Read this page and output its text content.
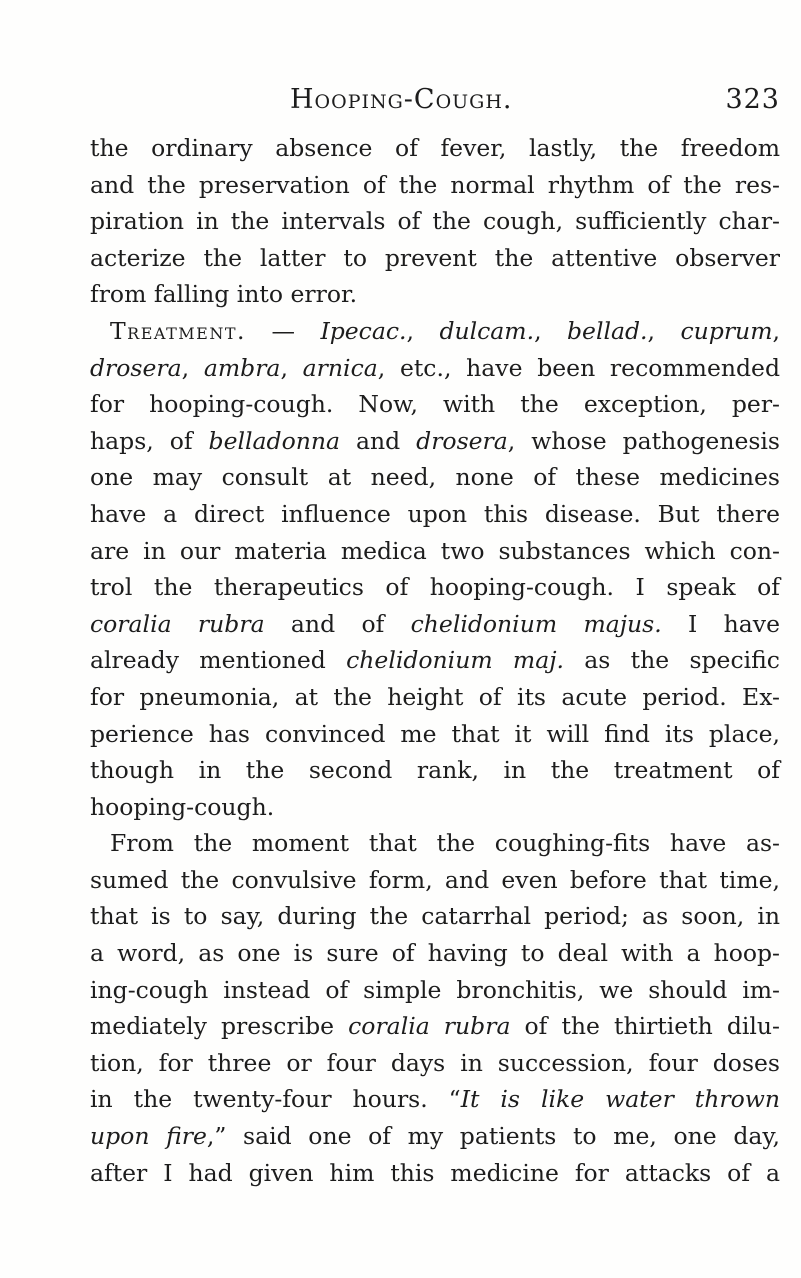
Hooping-Cough.	323
the ordinary absence of fever, lastly, the freedom
and the preservation of the normal rhythm of the res-
piration in the intervals of the cough, sufficiently char-
acterize the latter to prevent the attentive observer
from falling into error.
Treatment. — Ipecac., dulcam., bellad., cuprum,
drosera, ambra, arnica, etc., have been recommended
for hooping-cough. Now, with the exception, per-
haps, of belladonna and drosera, whose pathogenesis
one may consult at need, none of these medicines
have a direct influence upon this disease. But there
are in our materia medica two substances which con-
trol the therapeutics of hooping-cough. I speak of
coralia rubra and of chelidonium majus. I have
already mentioned chelidonium maj. as the specific
for pneumonia, at the height of its acute period. Ex-
perience has convinced me that it will find its place,
though in the second rank, in the treatment of
hooping-cough.
From the moment that the coughing-fits have as-
sumed the convulsive form, and even before that time,
that is to say, during the catarrhal period; as soon, in
a word, as one is sure of having to deal with a hoop-
ing-cough instead of simple bronchitis, we should im-
mediately prescribe coralia rubra of the thirtieth dilu-
tion, for three or four days in succession, four doses
in the twenty-four hours. “It is like water thrown
upon fire,” said one of my patients to me, one day,
after I had given him this medicine for attacks of a
